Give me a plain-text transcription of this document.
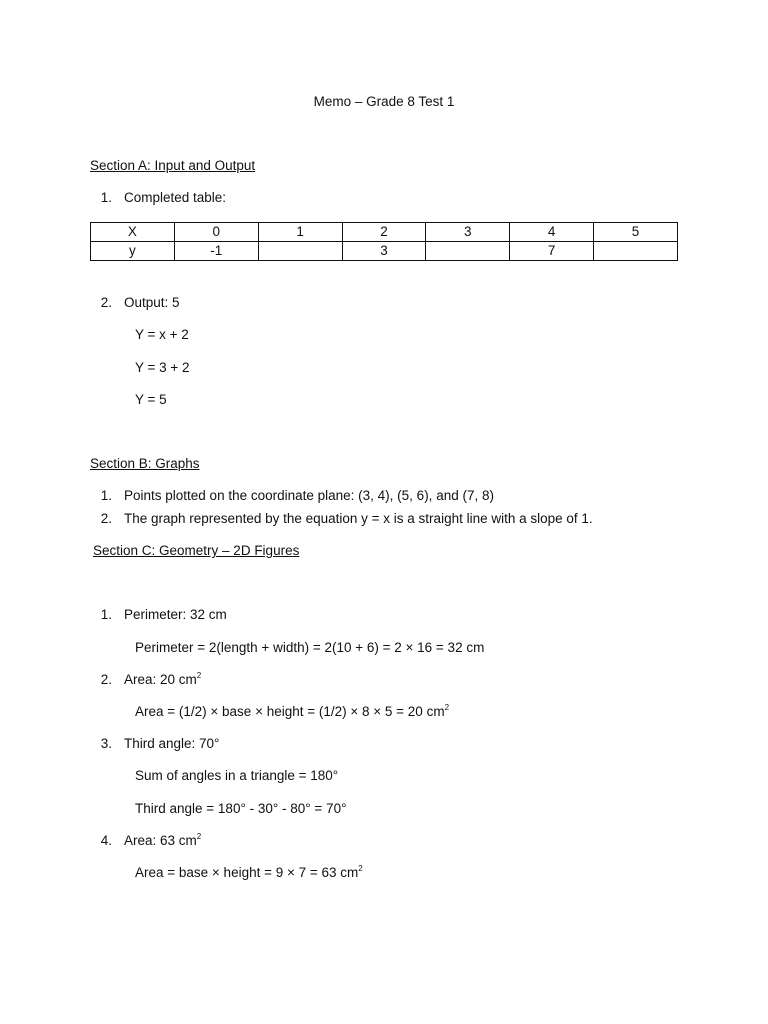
Memo – Grade 8 Test 1
Section A: Input and Output
1. Completed table:
X	0	1	2	3	4	5
y	-1		3		7	
2. Output: 5
Y = x + 2
Y = 3 + 2
Y = 5
Section B: Graphs
1. Points plotted on the coordinate plane: (3, 4), (5, 6), and (7, 8)
2. The graph represented by the equation y = x is a straight line with a slope of 1.
Section C: Geometry – 2D Figures
1. Perimeter: 32 cm
Perimeter = 2(length + width) = 2(10 + 6) = 2 × 16 = 32 cm
2. Area: 20 $cm^2$
Area = (1/2) × base × height = (1/2) × 8 × 5 = 20 $cm^2$
3. Third angle: 70°
Sum of angles in a triangle = 180°
Third angle = 180° - 30° - 80° = 70°
4. Area: 63 $cm^2$
Area = base × height = 9 × 7 = 63 $cm^2$
